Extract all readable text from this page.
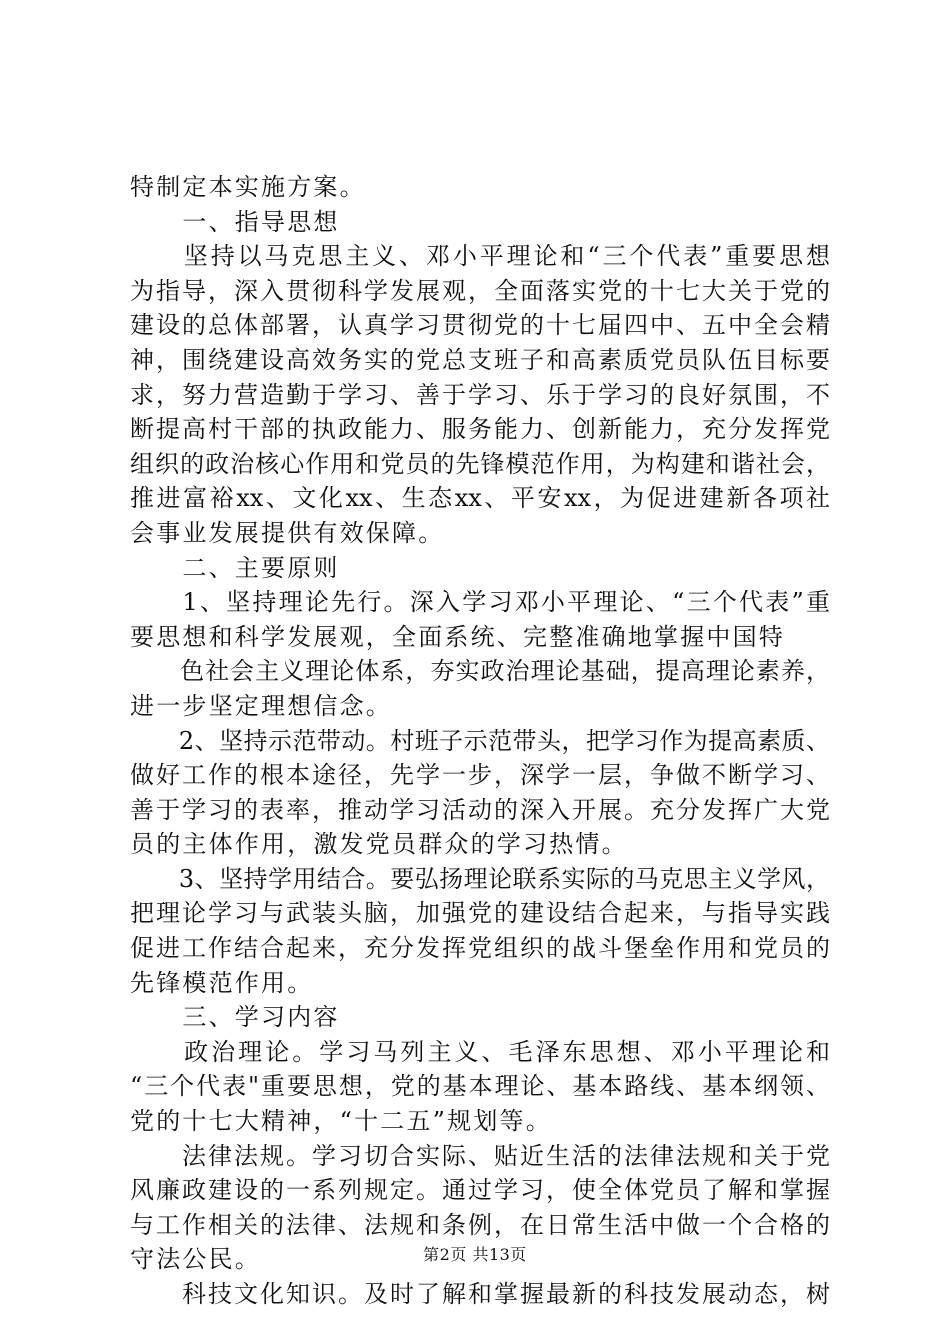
特制定本实施方案。
　　一、指导思想
　　坚持以马克思主义、邓小平理论和“三个代表”重要思想
为指导，深入贯彻科学发展观，全面落实党的十七大关于党的
建设的总体部署，认真学习贯彻党的十七届四中、五中全会精
神，围绕建设高效务实的党总支班子和高素质党员队伍目标要
求，努力营造勤于学习、善于学习、乐于学习的良好氛围，不
断提高村干部的执政能力、服务能力、创新能力，充分发挥党
组织的政治核心作用和党员的先锋模范作用，为构建和谐社会，
推进富裕xx、文化xx、生态xx、平安xx，为促进建新各项社
会事业发展提供有效保障。
　　二、主要原则
　　1、坚持理论先行。深入学习邓小平理论、“三个代表”重
要思想和科学发展观，全面系统、完整准确地掌握中国特
　　色社会主义理论体系，夯实政治理论基础，提高理论素养，
进一步坚定理想信念。
　　2、坚持示范带动。村班子示范带头，把学习作为提高素质、
做好工作的根本途径，先学一步，深学一层，争做不断学习、
善于学习的表率，推动学习活动的深入开展。充分发挥广大党
员的主体作用，激发党员群众的学习热情。
　　3、坚持学用结合。要弘扬理论联系实际的马克思主义学风，
把理论学习与武装头脑，加强党的建设结合起来，与指导实践
促进工作结合起来，充分发挥党组织的战斗堡垒作用和党员的
先锋模范作用。
　　三、学习内容
　　政治理论。学习马列主义、毛泽东思想、邓小平理论和
“三个代表"重要思想，党的基本理论、基本路线、基本纲领、
党的十七大精神，“十二五”规划等。
　　法律法规。学习切合实际、贴近生活的法律法规和关于党
风廉政建设的一系列规定。通过学习，使全体党员了解和掌握
与工作相关的法律、法规和条例，在日常生活中做一个合格的
守法公民。
　　科技文化知识。及时了解和掌握最新的科技发展动态，树
第2页 共13页
